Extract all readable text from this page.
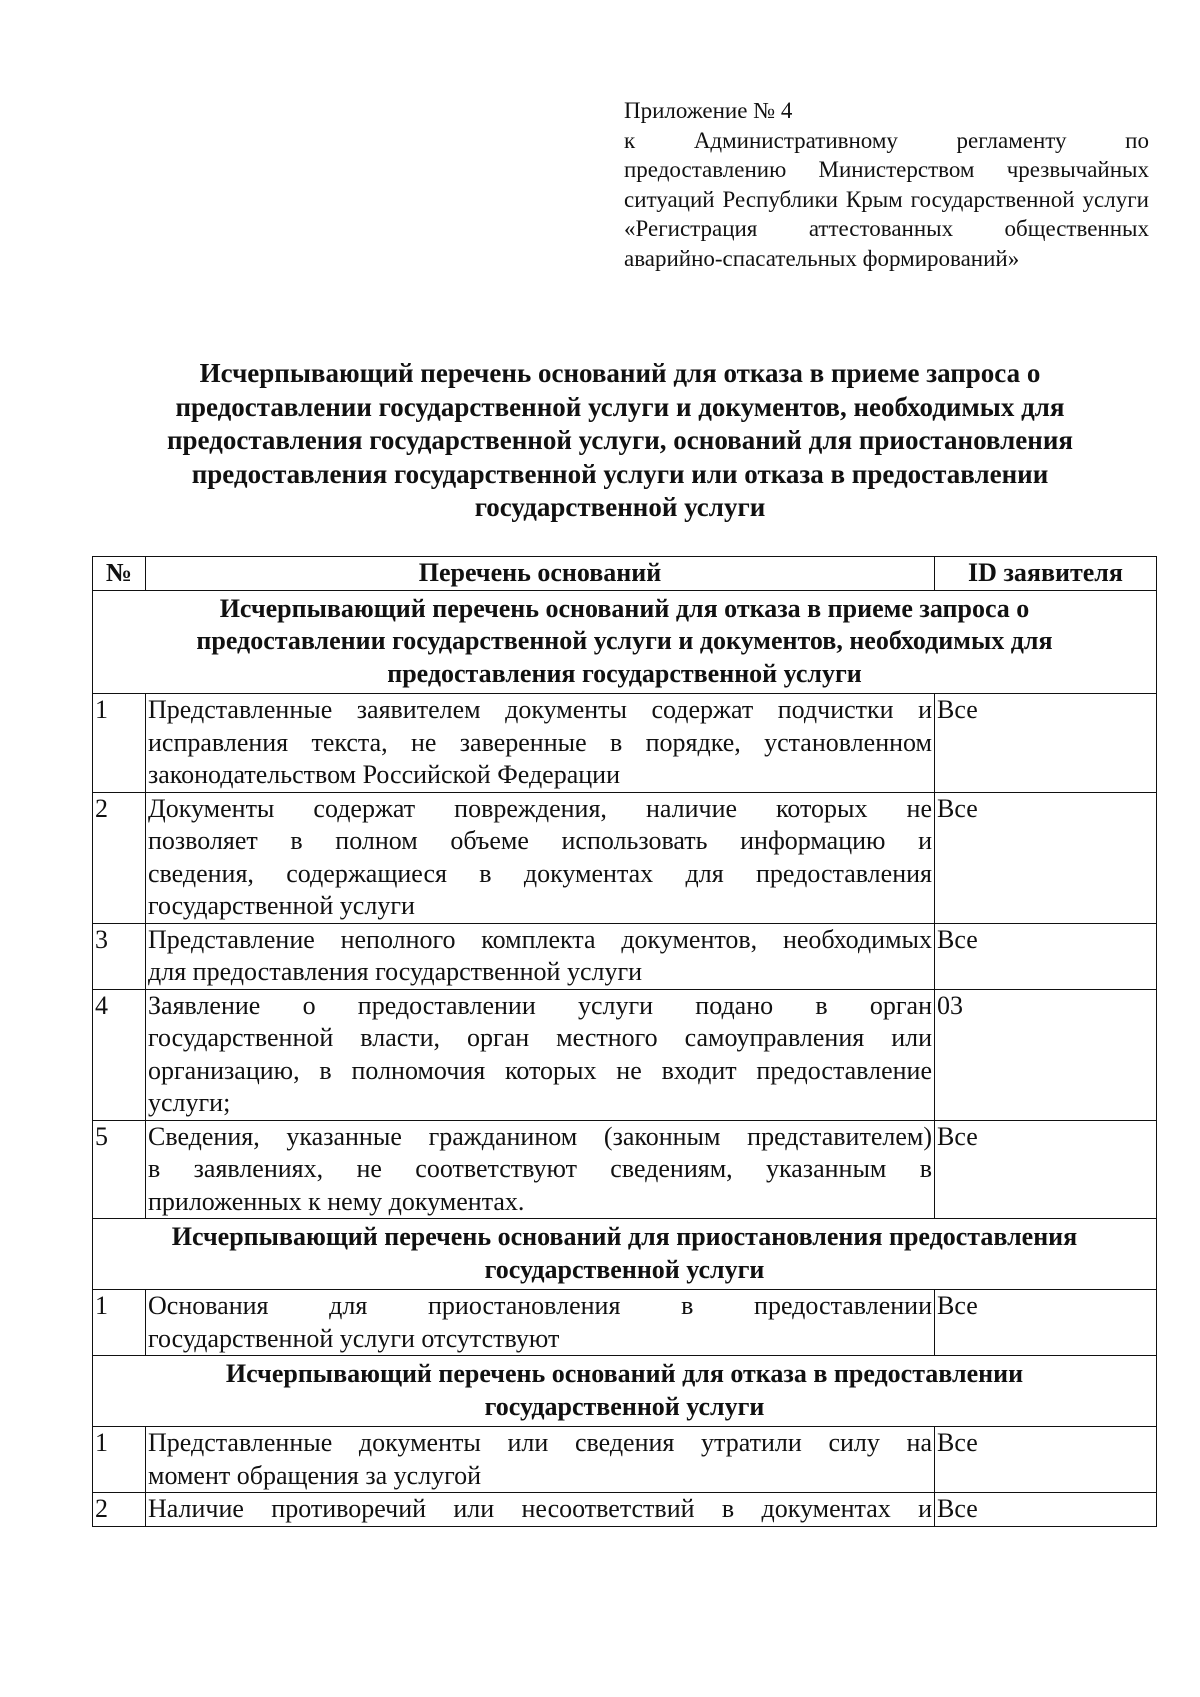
Приложение № 4
к Административному регламенту по предоставлению Министерством чрезвычайных ситуаций Республики Крым государственной услуги «Регистрация аттестованных общественных аварийно-спасательных формирований»
Исчерпывающий перечень оснований для отказа в приеме запроса о
предоставлении государственной услуги и документов, необходимых для
предоставления государственной услуги, оснований для приостановления
предоставления государственной услуги или отказа в предоставлении
государственной услуги
№	Перечень оснований	ID заявителя

Исчерпывающий перечень оснований для отказа в приеме запроса о
предоставлении государственной услуги и документов, необходимых для
предоставления государственной услуги		

1	Представленные заявителем документы содержат подчистки и
исправления текста, не заверенные в порядке, установленном
законодательством Российской Федерации	Все
2	Документы содержат повреждения, наличие которых не
позволяет в полном объеме использовать информацию и
сведения, содержащиеся в документах для предоставления
государственной услуги	Все
3	Представление неполного комплекта документов, необходимых
для предоставления государственной услуги	Все
4	Заявление о предоставлении услуги подано в орган
государственной власти, орган местного самоуправления или
организацию, в полномочия которых не входит предоставление
услуги;	03
5	Сведения, указанные гражданином (законным представителем)
в заявлениях, не соответствуют сведениям, указанным в
приложенных к нему документах.	Все

Исчерпывающий перечень оснований для приостановления предоставления
государственной услуги		

1	Основания для приостановления в предоставлении
государственной услуги отсутствуют	Все

Исчерпывающий перечень оснований для отказа в предоставлении
государственной услуги		

1	Представленные документы или сведения утратили силу на
момент обращения за услугой	Все
2	Наличие противоречий или несоответствий в документах и	Все
